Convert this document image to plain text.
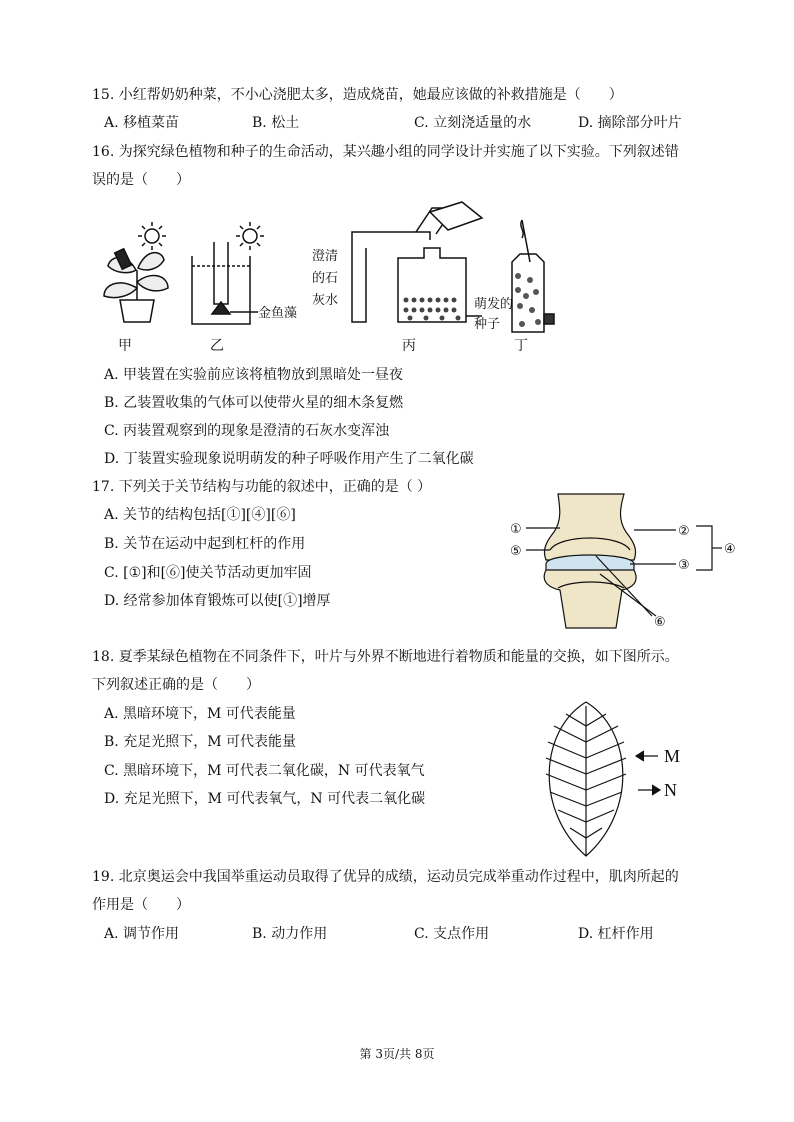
15. 小红帮奶奶种菜，不小心浇肥太多，造成烧苗，她最应该做的补救措施是（　　）
A. 移植菜苗	B. 松土	C. 立刻浇适量的水	D. 摘除部分叶片
16. 为探究绿色植物和种子的生命活动，某兴趣小组的同学设计并实施了以下实验。下列叙述错
误的是（　　）
甲	乙	丙	丁
金鱼藻
澄清
的石
灰水	萌发的
种子
A. 甲装置在实验前应该将植物放到黑暗处一昼夜
B. 乙装置收集的气体可以使带火星的细木条复燃
C. 丙装置观察到的现象是澄清的石灰水变浑浊
D. 丁装置实验现象说明萌发的种子呼吸作用产生了二氧化碳
17. 下列关于关节结构与功能的叙述中，正确的是（ ）
A. 关节的结构包括[①][④][⑥]
B. 关节在运动中起到杠杆的作用
C. [①]和[⑥]使关节活动更加牢固
D. 经常参加体育锻炼可以使[①]增厚
①	②
③
④
⑤
⑥
18. 夏季某绿色植物在不同条件下，叶片与外界不断地进行着物质和能量的交换，如下图所示。
下列叙述正确的是（　　）
A. 黑暗环境下，M 可代表能量
B. 充足光照下，M 可代表能量
C. 黑暗环境下，M 可代表二氧化碳，N 可代表氧气
D. 充足光照下，M 可代表氧气，N 可代表二氧化碳
M
N
19. 北京奥运会中我国举重运动员取得了优异的成绩，运动员完成举重动作过程中，肌肉所起的
作用是（　　）
A. 调节作用	B. 动力作用	C. 支点作用	D. 杠杆作用
第 3页/共 8页
